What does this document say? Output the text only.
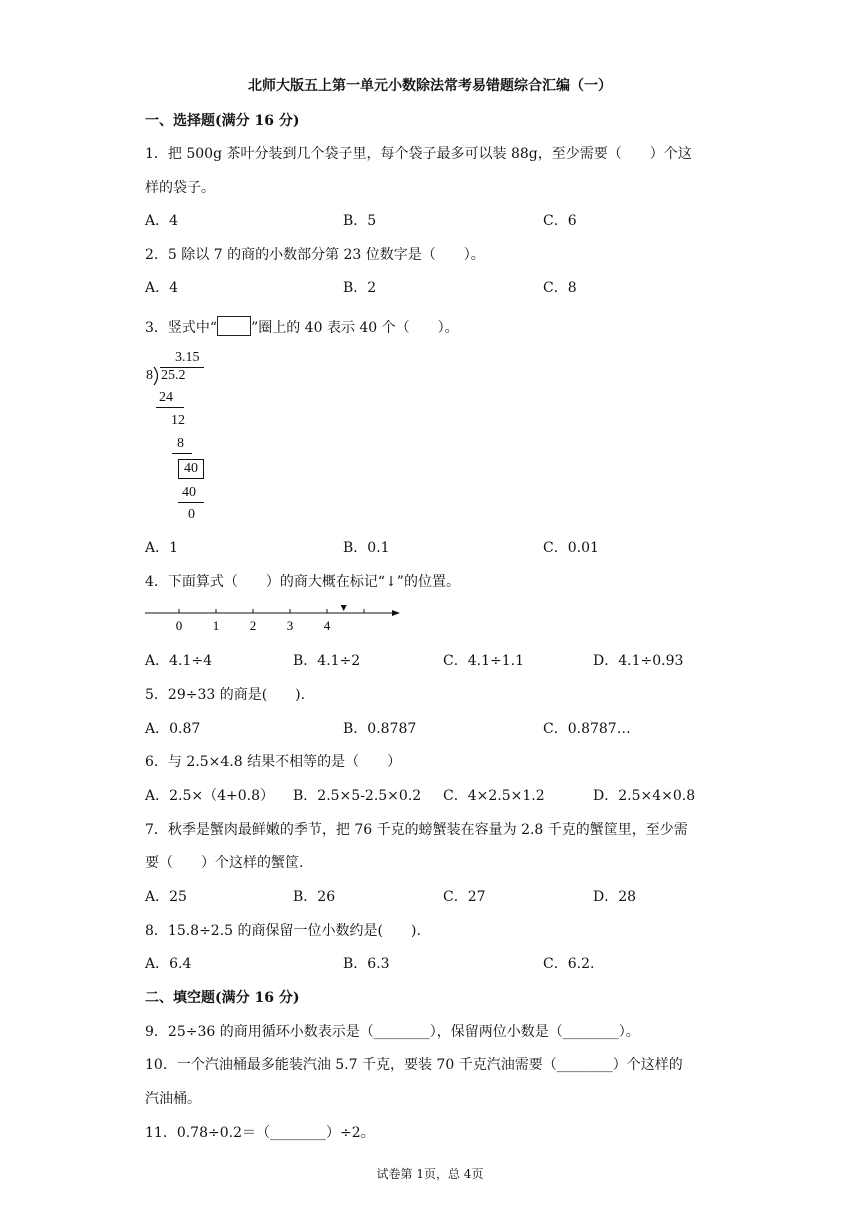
北师大版五上第一单元小数除法常考易错题综合汇编（一）
一、选择题(满分 16 分)
1．把 500g 茶叶分装到几个袋子里，每个袋子最多可以装 88g，至少需要（　　）个这
样的袋子。
A．4	B．5	C．6
2．5 除以 7 的商的小数部分第 23 位数字是（　　）。
A．4	B．2	C．8
3．竖式中“ ”圈上的 40 表示 40 个（　　）。
3.15
8 25.2
24
12
8
40
40
0
A．1	B．0.1	C．0.01
4．下面算式（　　）的商大概在标记“↓”的位置。
0 1 2 3 4
A．4.1÷4	B．4.1÷2	C．4.1÷1.1	D．4.1÷0.93
5．29÷33 的商是(　　).
A．0.87	B．0.8787	C．0.8787…
6．与 2.5×4.8 结果不相等的是（　　）
A．2.5×（4+0.8） B．2.5×5-2.5×0.2 C．4×2.5×1.2	D．2.5×4×0.8
7．秋季是蟹肉最鲜嫩的季节，把 76 千克的螃蟹装在容量为 2.8 千克的蟹筐里，至少需
要（　　）个这样的蟹筐.
A．25	B．26	C．27	D．28
8．15.8÷2.5 的商保留一位小数约是(　　).
A．6.4	B．6.3	C．6.2.
二、填空题(满分 16 分)
9．25÷36 的商用循环小数表示是（________），保留两位小数是（________）。
10．一个汽油桶最多能装汽油 5.7 千克，要装 70 千克汽油需要（________）个这样的
汽油桶。
11．0.78÷0.2＝（________）÷2。
试卷第 1页，总 4页
